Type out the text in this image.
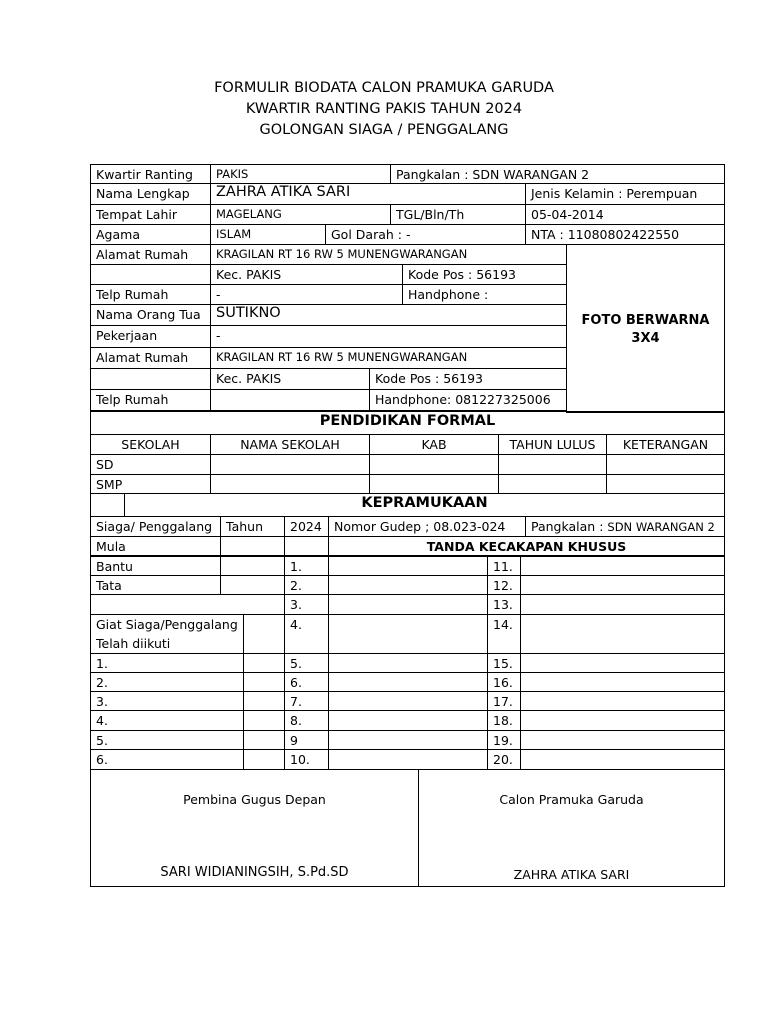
FORMULIR BIODATA CALON PRAMUKA GARUDA
KWARTIR RANTING PAKIS TAHUN 2024
GOLONGAN SIAGA / PENGGALANG
Kwartir Ranting	PAKIS	Pangkalan : SDN WARANGAN 2
Nama Lengkap	ZAHRA ATIKA SARI	Jenis Kelamin : Perempuan
Tempat Lahir	MAGELANG	TGL/Bln/Th	05-04-2014
Agama	ISLAM	Gol Darah : -	NTA : 11080802422550
Alamat Rumah	KRAGILAN RT 16 RW 5 MUNENGWARANGAN
Kec. PAKIS	Kode Pos : 56193
Telp Rumah	-	Handphone :
FOTO BERWARNA
3X4
Nama Orang Tua	SUTIKNO
Pekerjaan	-
Alamat Rumah	KRAGILAN RT 16 RW 5 MUNENGWARANGAN
Kec. PAKIS	Kode Pos : 56193
Telp Rumah	Handphone: 081227325006
PENDIDIKAN FORMAL
SEKOLAH	NAMA SEKOLAH	KAB	TAHUN LULUS	KETERANGAN
SD
SMP
KEPRAMUKAAN
Siaga/ Penggalang	Tahun	2024 Nomor Gudep ; 08.023-024	Pangkalan : SDN WARANGAN 2
Mula	TANDA KECAKAPAN KHUSUS
Bantu	1.	11.
Tata	2.	12.
3.	13.
Giat Siaga/Penggalang Telah diikuti
4.	14.
1.	5.	15.
2.	6.	16.
3.	7.	17.
4.	8.	18.
5.	9	19.
6.	10.	20.
Pembina Gugus Depan
SARI WIDIANINGSIH, S.Pd.SD
Calon Pramuka Garuda
ZAHRA ATIKA SARI
